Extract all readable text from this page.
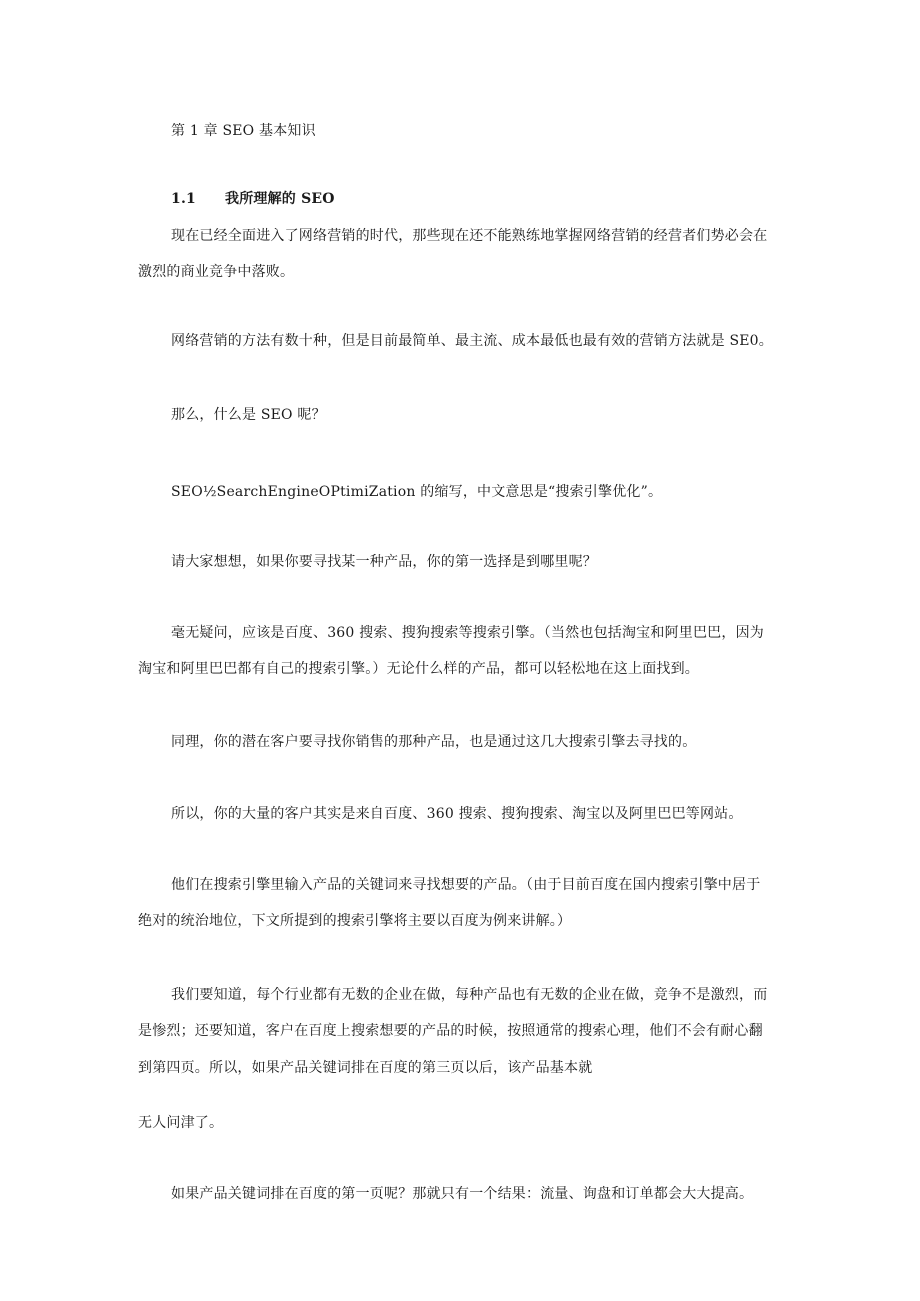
第 1 章 SEO 基本知识
1.1 我所理解的 SEO
现在已经全面进入了网络营销的时代，那些现在还不能熟练地掌握网络营销的经营者们势必会在
激烈的商业竞争中落败。
网络营销的方法有数十种，但是目前最简单、最主流、成本最低也最有效的营销方法就是 SE0。
那么，什么是 SEO 呢？
SEO½SearchEngineOPtimiZation 的缩写，中文意思是“搜索引擎优化”。
请大家想想，如果你要寻找某一种产品，你的第一选择是到哪里呢？
毫无疑问，应该是百度、360 搜索、搜狗搜索等搜索引擎。（当然也包括淘宝和阿里巴巴，因为
淘宝和阿里巴巴都有自己的搜索引擎。）无论什么样的产品，都可以轻松地在这上面找到。
同理，你的潜在客户要寻找你销售的那种产品，也是通过这几大搜索引擎去寻找的。
所以，你的大量的客户其实是来自百度、360 搜索、搜狗搜索、淘宝以及阿里巴巴等网站。
他们在搜索引擎里输入产品的关键词来寻找想要的产品。（由于目前百度在国内搜索引擎中居于
绝对的统治地位，下文所提到的搜索引擎将主要以百度为例来讲解。）
我们要知道，每个行业都有无数的企业在做，每种产品也有无数的企业在做，竞争不是激烈，而
是惨烈；还要知道，客户在百度上搜索想要的产品的时候，按照通常的搜索心理，他们不会有耐心翻
到第四页。所以，如果产品关键词排在百度的第三页以后，该产品基本就
无人问津了。
如果产品关键词排在百度的第一页呢？那就只有一个结果：流量、询盘和订单都会大大提高。
